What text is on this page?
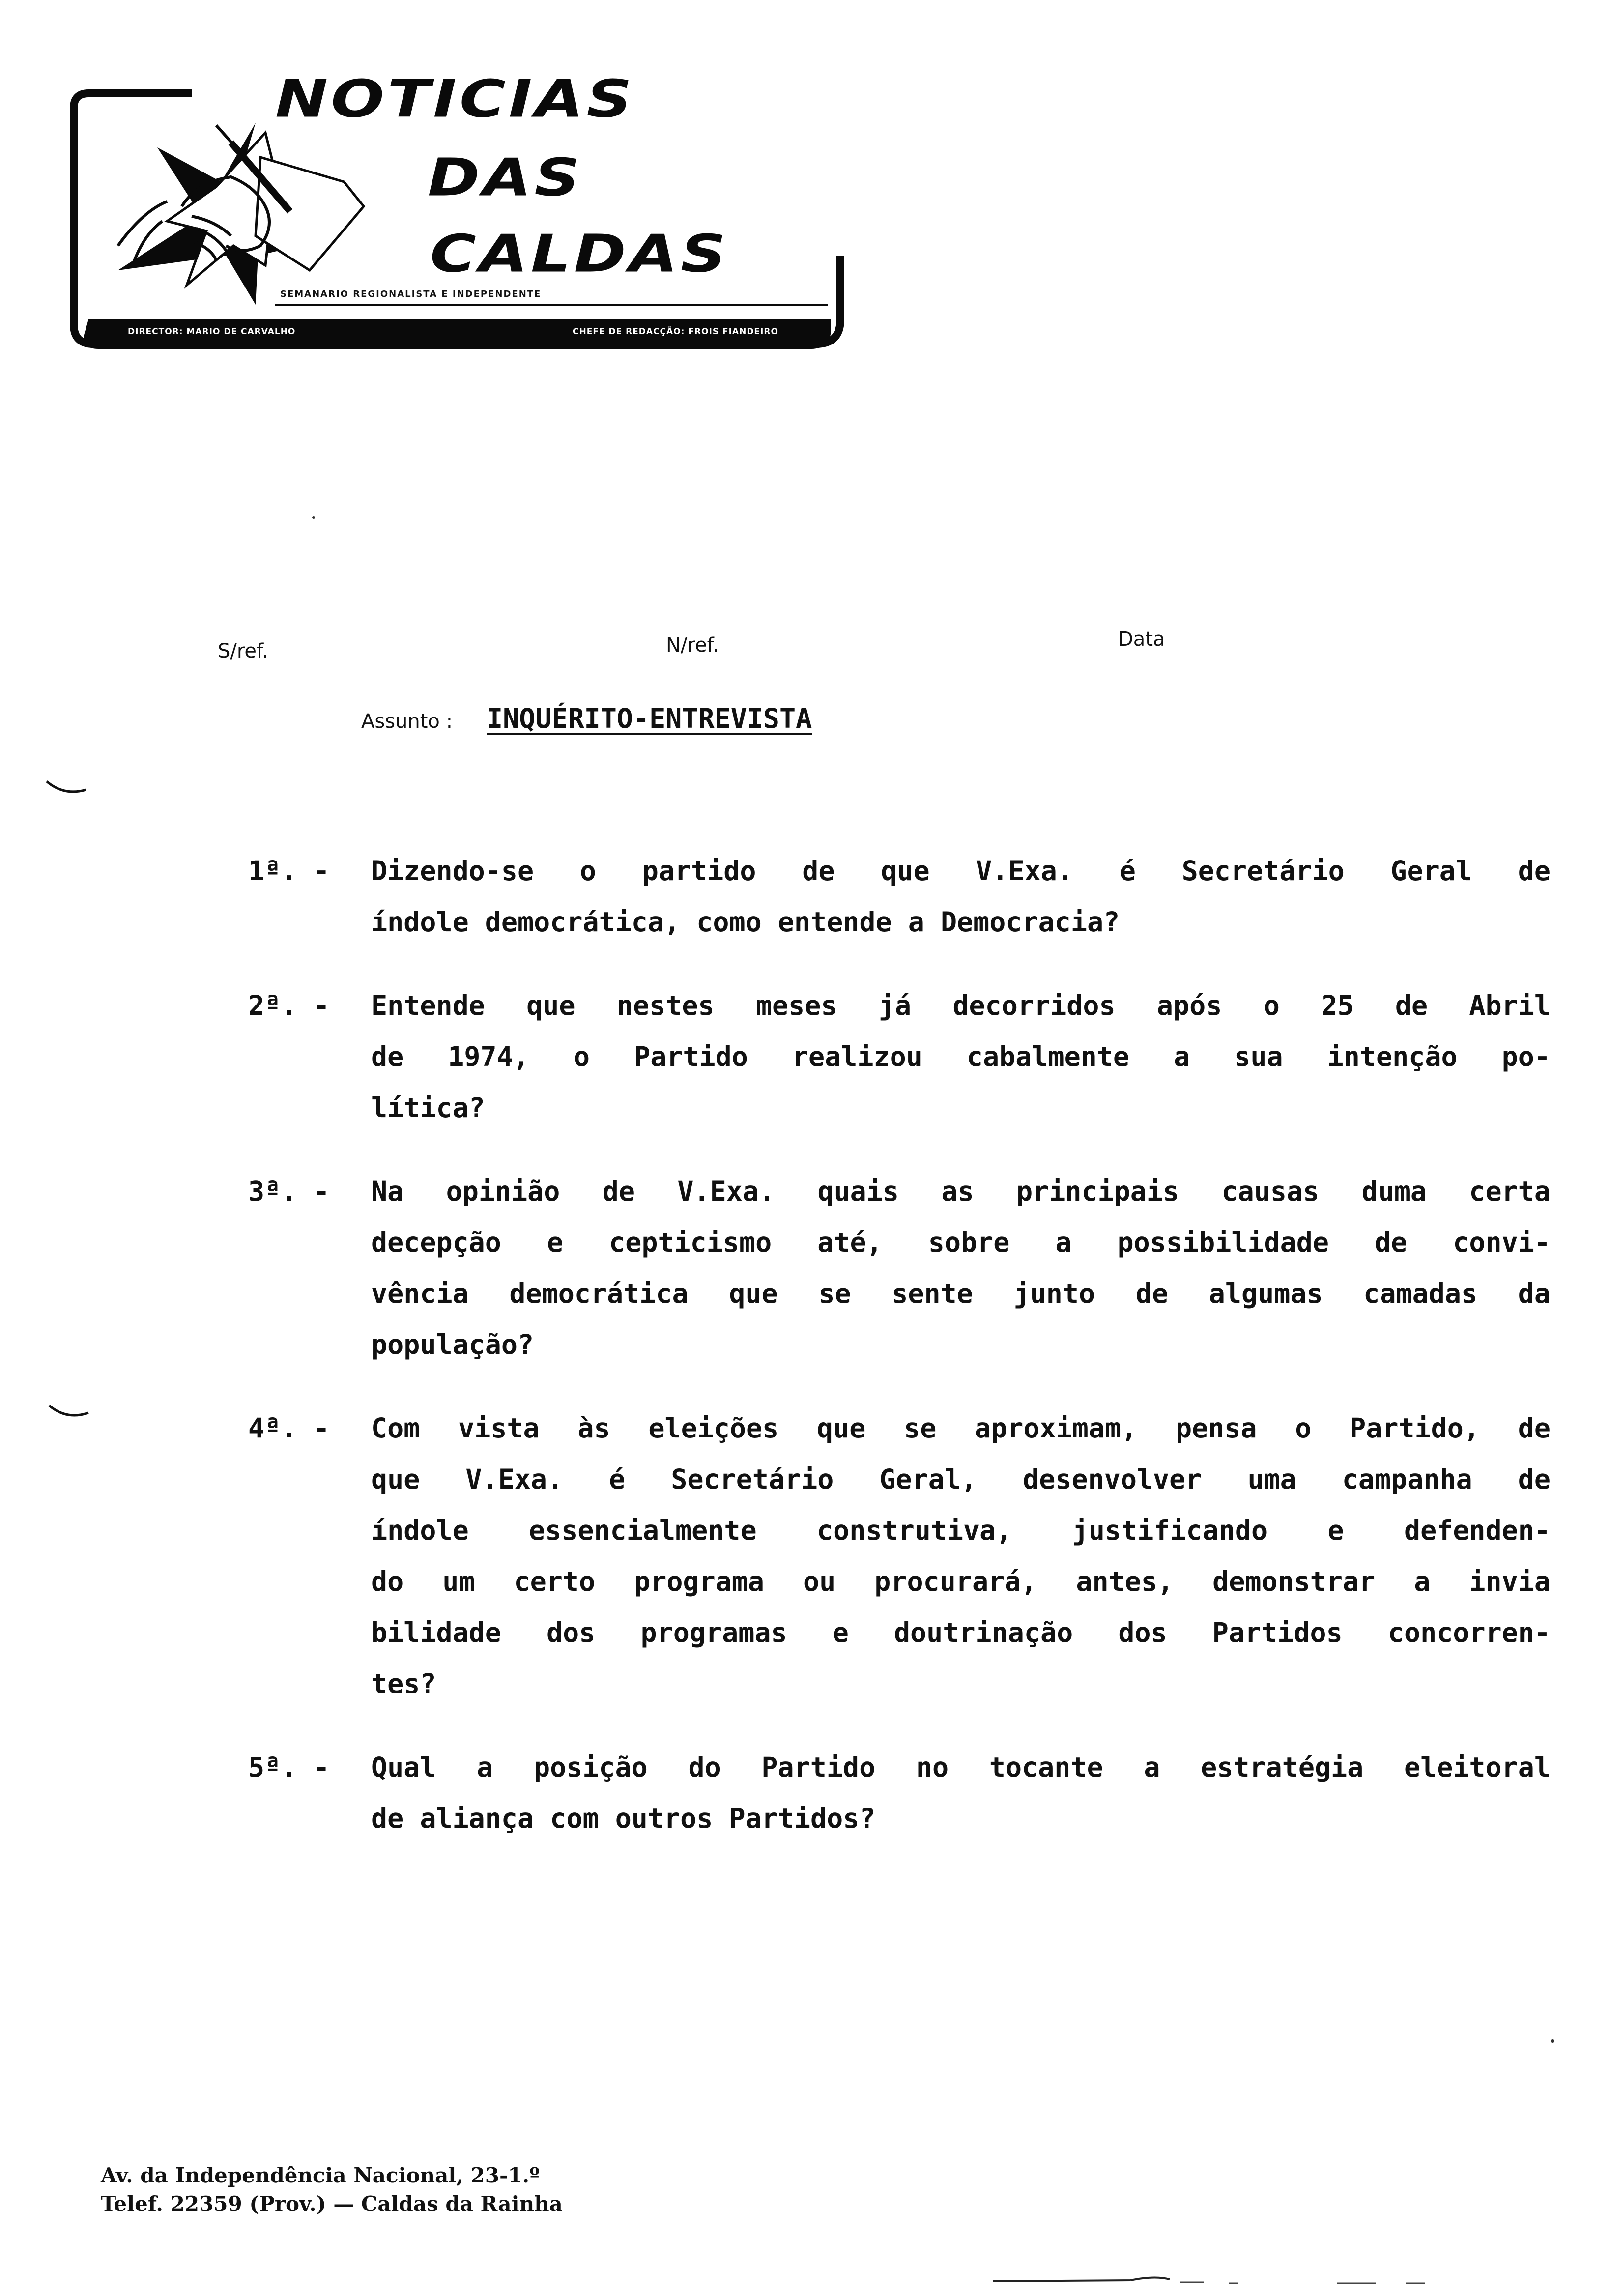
NOTICIAS
DAS
CALDAS
SEMANARIO REGIONALISTA E INDEPENDENTE
DIRECTOR: MARIO DE CARVALHO	CHEFE DE REDACÇÃO: FROIS FIANDEIRO
S/ref.	N/ref.	Data
Assunto : INQUÉRITO-ENTREVISTA
1ª. -	Dizendo-se o partido de que V.Exa. é Secretário Geral de
índole democrática, como entende a Democracia?
2ª. -	Entende que nestes meses já decorridos após o 25 de Abril
de 1974, o Partido realizou cabalmente a sua intenção po-
lítica?
3ª. -	Na opinião de V.Exa. quais as principais causas duma certa
decepção e cepticismo até, sobre a possibilidade de convi-
vência democrática que se sente junto de algumas camadas da
população?
4ª. -	Com vista às eleições que se aproximam, pensa o Partido, de
que V.Exa. é Secretário Geral, desenvolver uma campanha de
índole essencialmente construtiva, justificando e defenden-
do um certo programa ou procurará, antes, demonstrar a invia
bilidade dos programas e doutrinação dos Partidos concorren-
tes?
5ª. -	Qual a posição do Partido no tocante a estratégia eleitoral
de aliança com outros Partidos?
Av. da Independência Nacional, 23-1.º
Telef. 22359 (Prov.) — Caldas da Rainha
